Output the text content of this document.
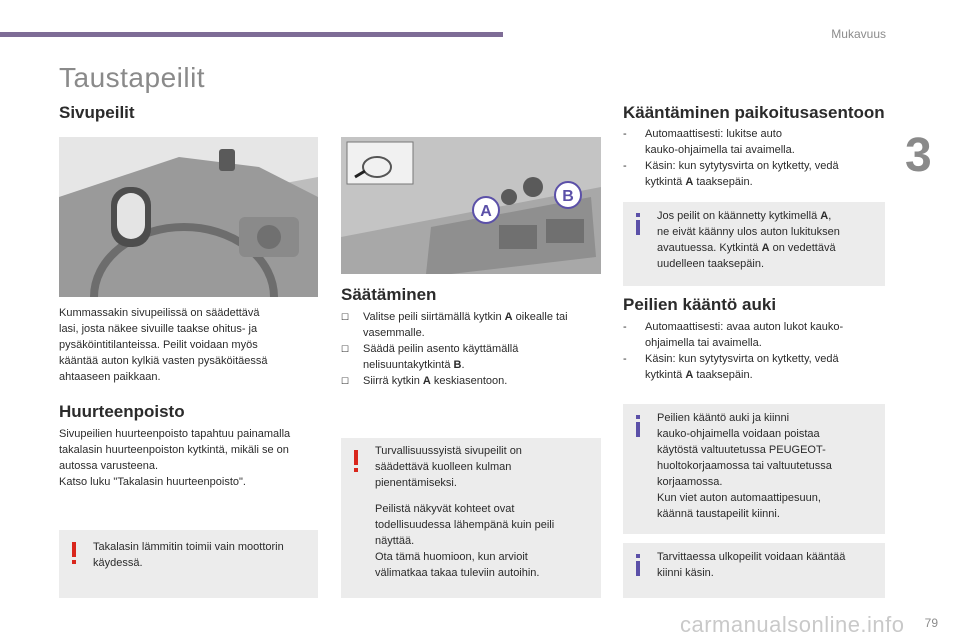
Mukavuus
3
79
Taustapeilit
Sivupeilit

Kummassakin sivupeilissä on säädettävä

lasi, josta näkee sivuille taakse ohitus- ja

pysäköintitilanteissa. Peilit voidaan myös

kääntää auton kylkiä vasten pysäköitäessä

ahtaaseen paikkaan.

Huurteenpoisto

Sivupeilien huurteenpoisto tapahtuu painamalla

takalasin huurteenpoiston kytkintä, mikäli se on

autossa varusteena.

Katso luku "Takalasin huurteenpoisto".

Takalasin lämmitin toimii vain moottorin

käydessä.

A
B
Säätäminen
☐ Valitse peili siirtämällä kytkin A oikealle tai
vasemmalle.
☐ Säädä peilin asento käyttämällä
nelisuuntakytkintä B.
☐ Siirrä kytkin A keskiasentoon.

Turvallisuussyistä sivupeilit on

säädettävä kuolleen kulman

pienentämiseksi.

Peilistä näkyvät kohteet ovat

todellisuudessa lähempänä kuin peili

näyttää.

Ota tämä huomioon, kun arvioit

välimatkaa takaa tuleviin autoihin.

Kääntäminen paikoitusasentoon
- Automaattisesti: lukitse auto
kauko-ohjaimella tai avaimella.
- Käsin: kun sytytysvirta on kytketty, vedä
kytkintä A taaksepäin.

Jos peilit on käännetty kytkimellä A,

ne eivät käänny ulos auton lukituksen

avautuessa. Kytkintä A on vedettävä

uudelleen taaksepäin.

Peilien kääntö auki
- Automaattisesti: avaa auton lukot kauko-
ohjaimella tai avaimella.
- Käsin: kun sytytysvirta on kytketty, vedä
kytkintä A taaksepäin.

Peilien kääntö auki ja kiinni

kauko-ohjaimella voidaan poistaa

käytöstä valtuutetussa PEUGEOT-

huoltokorjaamossa tai valtuutetussa

korjaamossa.

Kun viet auton automaattipesuun,

käännä taustapeilit kiinni.

Tarvittaessa ulkopeilit voidaan kääntää

kiinni käsin.

carmanualsonline.info
